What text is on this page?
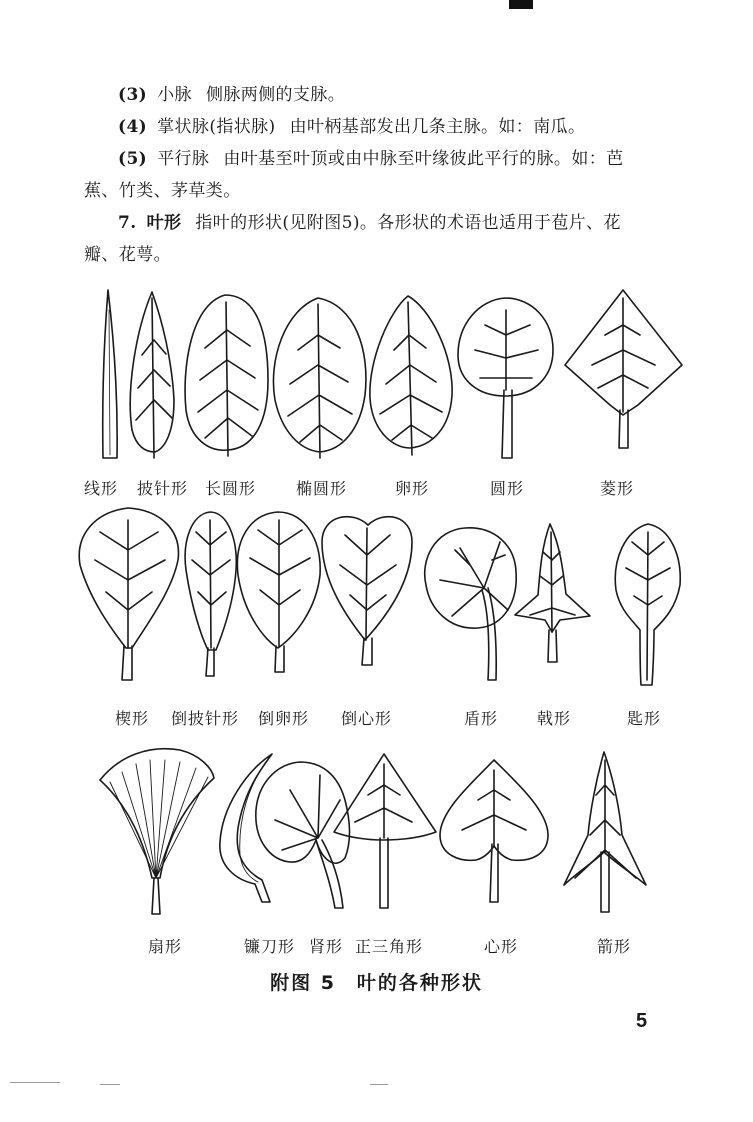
(3) 小脉 侧脉两侧的支脉。
(4) 掌状脉(指状脉) 由叶柄基部发出几条主脉。如：南瓜。
(5) 平行脉 由叶基至叶顶或由中脉至叶缘彼此平行的脉。如：芭
蕉、竹类、茅草类。
7. 叶形 指叶的形状(见附图5)。各形状的术语也适用于苞片、花
瓣、花萼。
线形 披针形 长圆形 椭圆形	卵形	圆形	菱形
楔形 倒披针形 倒卵形 倒心形	盾形 戟形	匙形
扇形	镰刀形 肾形 正三角形	心形	箭形
附图 5　叶的各种形状
5
